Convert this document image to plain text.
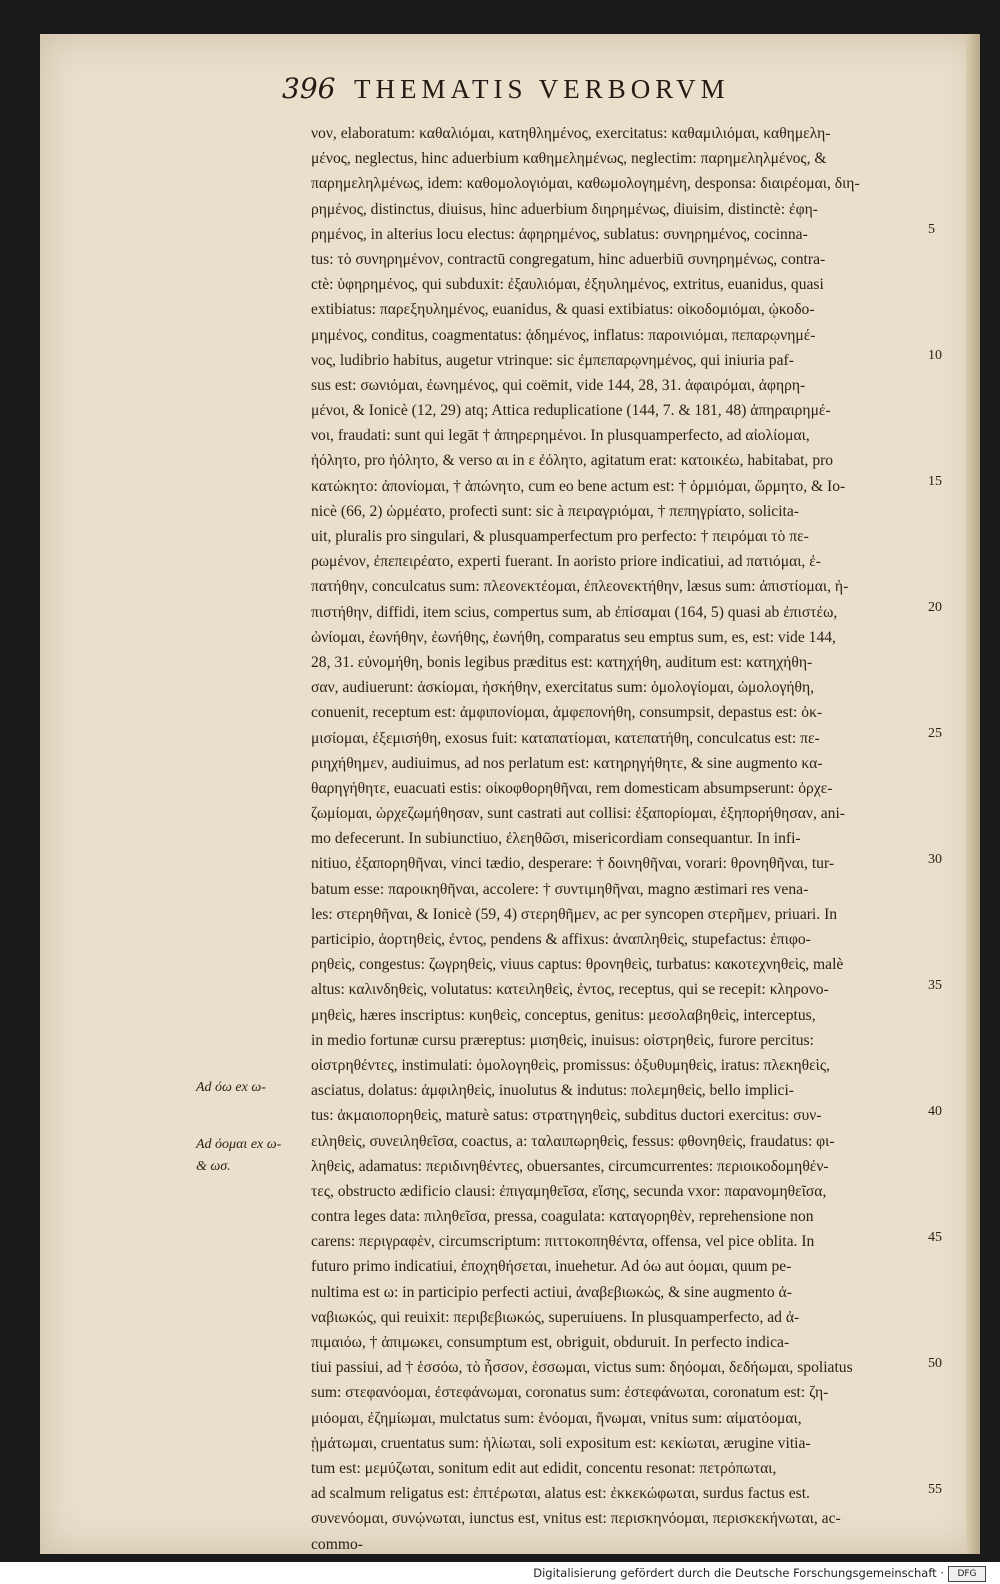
396 THEMATIS VERBORVM
νον, elaboratum: καθαλιόμαι, κατηθλημένος, exercitatus: καθαμιλιόμαι, καθημελη-
μένος, neglectus, hinc aduerbium καθημελημένως, neglectim: παρημεληλμένος, &
παρημεληλμένως, idem: καθομολογιόμαι, καθωμολογημένη, desponsa: διαιρέομαι, διη-
ρημένος, distinctus, diuisus, hinc aduerbium διηρημένως, diuisim, distinctè: ἐφη-
ρημένος, in alterius locu electus: ἀφηρημένος, sublatus: συνηρημένος, cocinna-
tus: τὸ συνηρημένον, contractū congregatum, hinc aduerbiū συνηρημένως, contra-
ctè: ὑφηρημένος, qui subduxit: ἐξαυλιόμαι, ἐξηυλημένος, extritus, euanidus, quasi
extibiatus: παρεξηυλημένος, euanidus, & quasi extibiatus: οἰκοδομιόμαι, ᾠκοδο-
μημένος, conditus, coagmentatus: ᾀδημένος, inflatus: παροινιόμαι, πεπαρῳνημέ-
νος, ludibrio habitus, augetur vtrinque: sic ἐμπεπαρῳνημένος, qui iniuria paf-
sus est: σωνιόμαι, ἐωνημένος, qui coëmit, vide 144, 28, 31. ἀφαιρόμαι, ἀφηρη-
μένοι, & Ionicè (12, 29) atq; Attica reduplicatione (144, 7. & 181, 48) ἀπηραιρημέ-
νοι, fraudati: sunt qui legāt † ἀπηρερημένοι. In plusquamperfecto, ad αἰολίομαι,
ἠόλητο, pro ἠόλητο, & verso αι in ε ἐόλητο, agitatum erat: κατοικέω, habitabat, pro
κατώκητο: ἀπονίομαι, † ἀπώνητο, cum eo bene actum est: † ὁρμιόμαι, ὥρμητο, & Io-
nicè (66, 2) ὡρμέατο, profecti sunt: sic à πειραγριόμαι, † πεπηγρίατο, solicita-
uit, pluralis pro singulari, & plusquamperfectum pro perfecto: † πειρόμαι τὸ πε-
ρωμένον, ἐπεπειρέατο, experti fuerant. In aoristo priore indicatiui, ad πατιόμαι, ἐ-
πατήθην, conculcatus sum: πλεονεκτέομαι, ἐπλεονεκτήθην, læsus sum: ἀπιστίομαι, ἠ-
πιστήθην, diffidi, item scius, compertus sum, ab ἐπίσαμαι (164, 5) quasi ab ἐπιστέω,
ὠνίομαι, ἐωνήθην, ἐωνήθης, ἐωνήθη, comparatus seu emptus sum, es, est: vide 144,
28, 31. εὐνομήθη, bonis legibus præditus est: κατηχήθη, auditum est: κατηχήθη-
σαν, audiuerunt: ἀσκίομαι, ἠσκήθην, exercitatus sum: ὁμολογίομαι, ὡμολογήθη,
conuenit, receptum est: ἀμφιπονίομαι, ἀμφεπονήθη, consumpsit, depastus est: ὀκ-
μισίομαι, ἐξεμισήθη, exosus fuit: καταπατίομαι, κατεπατήθη, conculcatus est: πε-
ριηχήθημεν, audiuimus, ad nos perlatum est: κατηρηγήθητε, & sine augmento κα-
θαρηγήθητε, euacuati estis: οἰκοφθορηθῆναι, rem domesticam absumpserunt: ὀρχε-
ζωμίομαι, ὠρχεζωμήθησαν, sunt castrati aut collisi: ἐξαπορίομαι, ἐξηπορήθησαν, ani-
mo defecerunt. In subiunctiuo, ἐλεηθῶσι, misericordiam consequantur. In infi-
nitiuo, ἐξαπορηθῆναι, vinci tædio, desperare: † δοινηθῆναι, vorari: θρονηθῆναι, tur-
batum esse: παροικηθῆναι, accolere: † συντιμηθῆναι, magno æstimari res vena-
les: στερηθῆναι, & Ionicè (59, 4) στερηθῆμεν, ac per syncopen στερῆμεν, priuari. In
participio, ἀορτηθεὶς, ἐντος, pendens & affixus: ἀναπληθεὶς, stupefactus: ἐπιφο-
ρηθεὶς, congestus: ζωγρηθεὶς, viuus captus: θρονηθεὶς, turbatus: κακοτεχνηθεὶς, malè
altus: καλινδηθεὶς, volutatus: κατειληθεὶς, ἐντος, receptus, qui se recepit: κληρονο-
μηθεὶς, hæres inscriptus: κυηθεὶς, conceptus, genitus: μεσολαβηθεὶς, interceptus,
in medio fortunæ cursu præreptus: μισηθεὶς, inuisus: οἰστρηθεὶς, furore percitus:
οἰστρηθέντες, instimulati: ὁμολογηθεὶς, promissus: ὀξυθυμηθεὶς, iratus: πλεκηθεὶς,
asciatus, dolatus: ἀμφιληθεὶς, inuolutus & indutus: πολεμηθεὶς, bello implici-
tus: ἀκμαιοπορηθεὶς, maturè satus: στρατηγηθεὶς, subditus ductori exercitus: συν-
ειληθεὶς, συνειληθεῖσα, coactus, a: ταλαιπωρηθεὶς, fessus: φθονηθεὶς, fraudatus: φι-
ληθεὶς, adamatus: περιδινηθέντες, obuersantes, circumcurrentes: περιοικοδομηθέν-
τες, obstructo ædificio clausi: ἐπιγαμηθεῖσα, εἴσης, secunda vxor: παρανομηθεῖσα,
contra leges data: πιληθεῖσα, pressa, coagulata: καταγορηθὲν, reprehensione non
carens: περιγραφὲν, circumscriptum: πιττοκοπηθέντα, offensa, vel pice oblita. In
futuro primo indicatiui, ἐποχηθήσεται, inuehetur. Ad όω aut όομαι, quum pe-
nultima est ω: in participio perfecti actiui, ἀναβεβιωκώς, & sine augmento ἀ-
ναβιωκώς, qui reuixit: περιβεβιωκώς, superuiuens. In plusquamperfecto, ad ἀ-
πιμαιόω, † ἀπιμωκει, consumptum est, obriguit, obduruit. In perfecto indica-
tiui passiui, ad † ἑσσόω, τὸ ἧσσον, ἑσσωμαι, victus sum: δηόομαι, δεδήωμαι, spoliatus
sum: στεφανόομαι, ἐστεφάνωμαι, coronatus sum: ἐστεφάνωται, coronatum est: ζη-
μιόομαι, ἐζημίωμαι, mulctatus sum: ἑνόομαι, ἥνωμαι, vnitus sum: αἱματόομαι,
ᾑμάτωμαι, cruentatus sum: ἡλίωται, soli expositum est: κεκίωται, ærugine vitia-
tum est: μεμύζωται, sonitum edit aut edidit, concentu resonat: πετρόπωται,
ad scalmum religatus est: ἐπτέρωται, alatus est: ἐκκεκώφωται, surdus factus est.
συνενόομαι, συνῴνωται, iunctus est, vnitus est: περισκηνόομαι, περισκεκήνωται, ac-
commo-
5
10
15
20
25
30
35
40
45
50
55
Ad όω ex ω-
Ad όομαι ex ω-
& ωσ.
Digitalisierung gefördert durch die Deutsche Forschungsgemeinschaft ·	DFG
